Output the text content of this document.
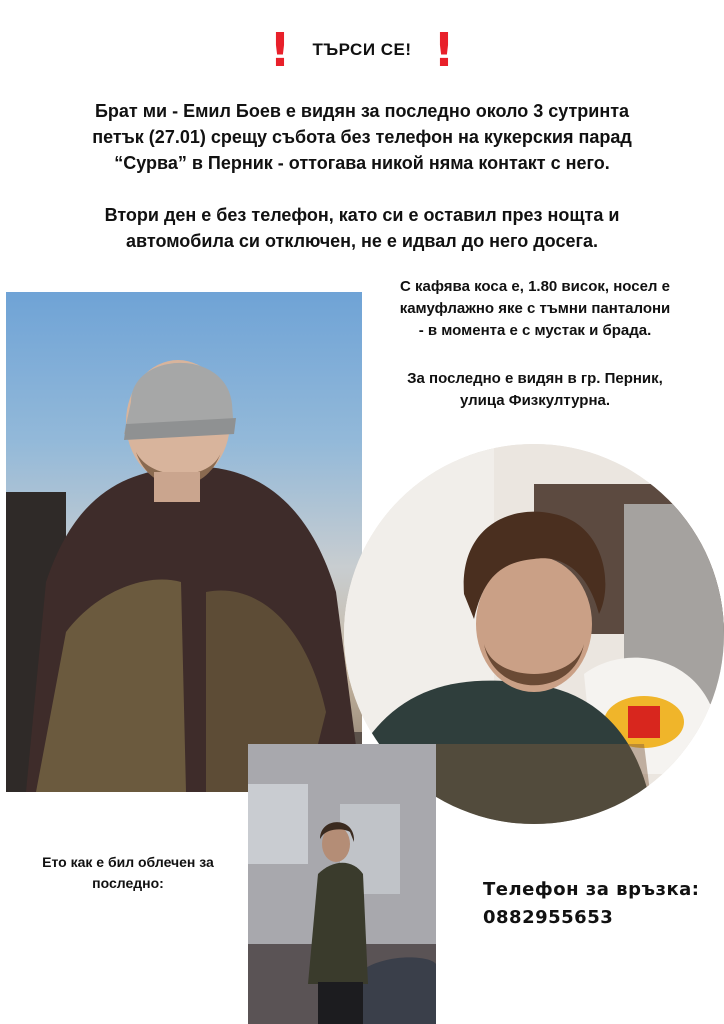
! ТЪРСИ СЕ! !
Брат ми - Емил Боев е видян за последно около 3 сутринта
петък (27.01) срещу събота без телефон на кукерския парад
“Сурва” в Перник - оттогава никой няма контакт с него.
Втори ден е без телефон, като си е оставил през нощта и
автомобила си отключен, не е идвал до него досега.
С кафява коса е, 1.80 висок, носел е
камуфлажно яке с тъмни панталони
- в момента е с мустак и брада.
За последно е видян в гр. Перник,
улица Физкултурна.
Ето как е бил облечен за
последно:	Телефон за връзка:
0882955653
